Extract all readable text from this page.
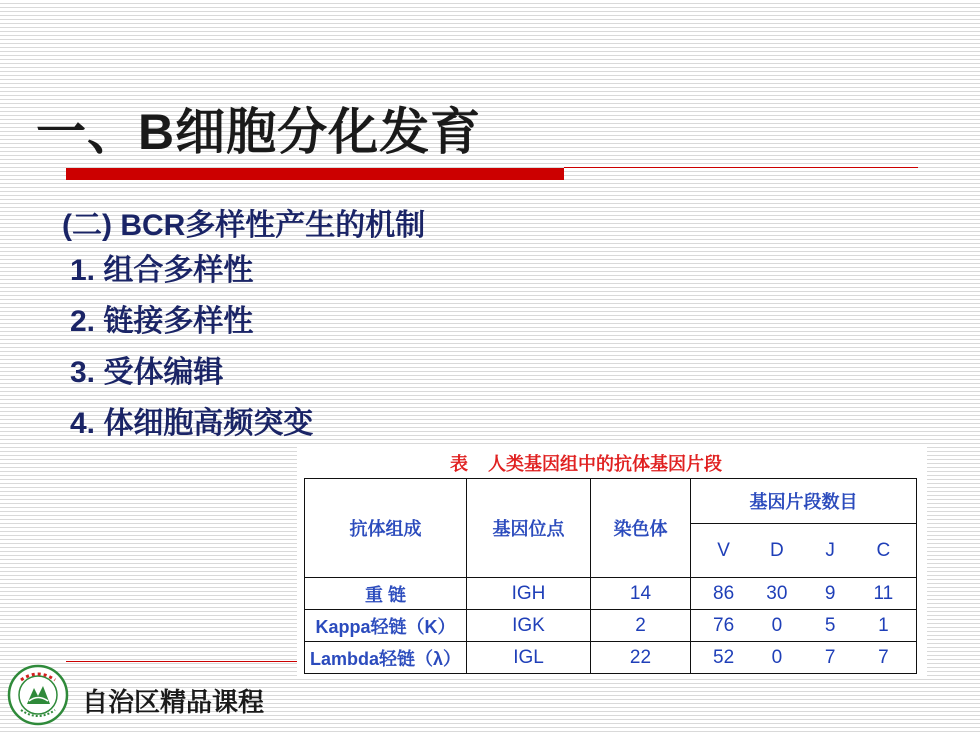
一、B细胞分化发育
(二) BCR多样性产生的机制
1. 组合多样性
2. 链接多样性
3. 受体编辑
4. 体细胞高频突变
表    人类基因组中的抗体基因片段
抗体组成	基因位点	染色体	基因片段数目

			V D J C

重 链	IGH	14	86 30 9 11

Kappa轻链（K）	IGK	2	76 0 5 1

Lambda轻链（λ）	IGL	22	52 0 7 7
自治区精品课程
